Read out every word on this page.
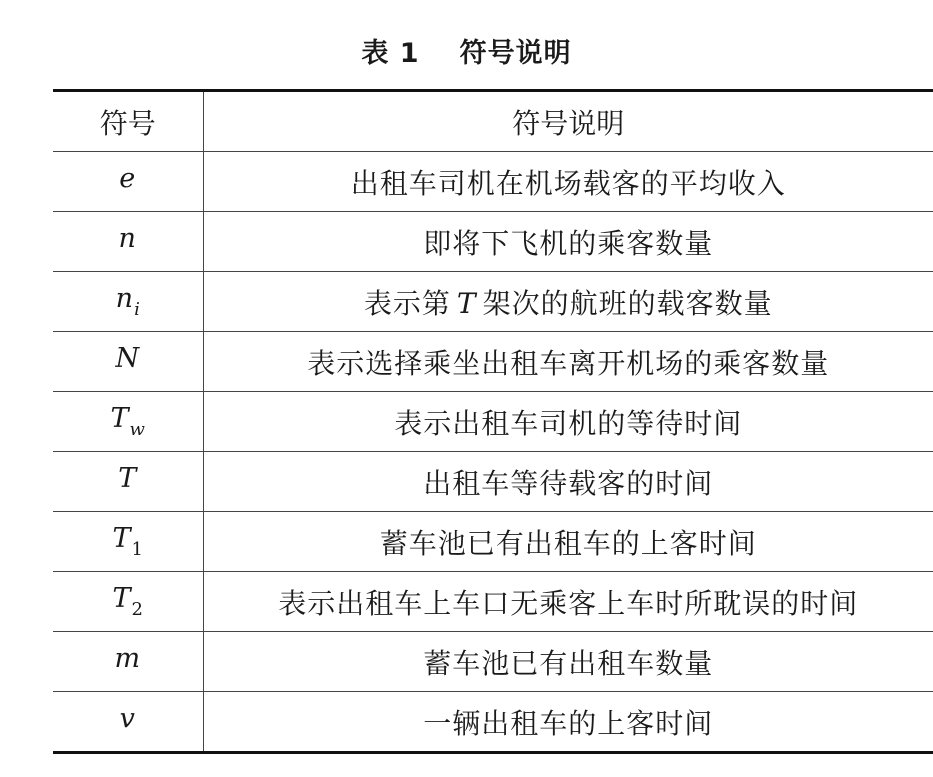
表 1 符号说明
符号	符号说明
e	出租车司机在机场载客的平均收入
n	即将下飞机的乘客数量
$n_i$	表示第 T 架次的航班的载客数量
N	表示选择乘坐出租车离开机场的乘客数量
$T_w$	表示出租车司机的等待时间
T	出租车等待载客的时间
$T_1$	蓄车池已有出租车的上客时间
$T_2$	表示出租车上车口无乘客上车时所耽误的时间
m	蓄车池已有出租车数量
v	一辆出租车的上客时间
